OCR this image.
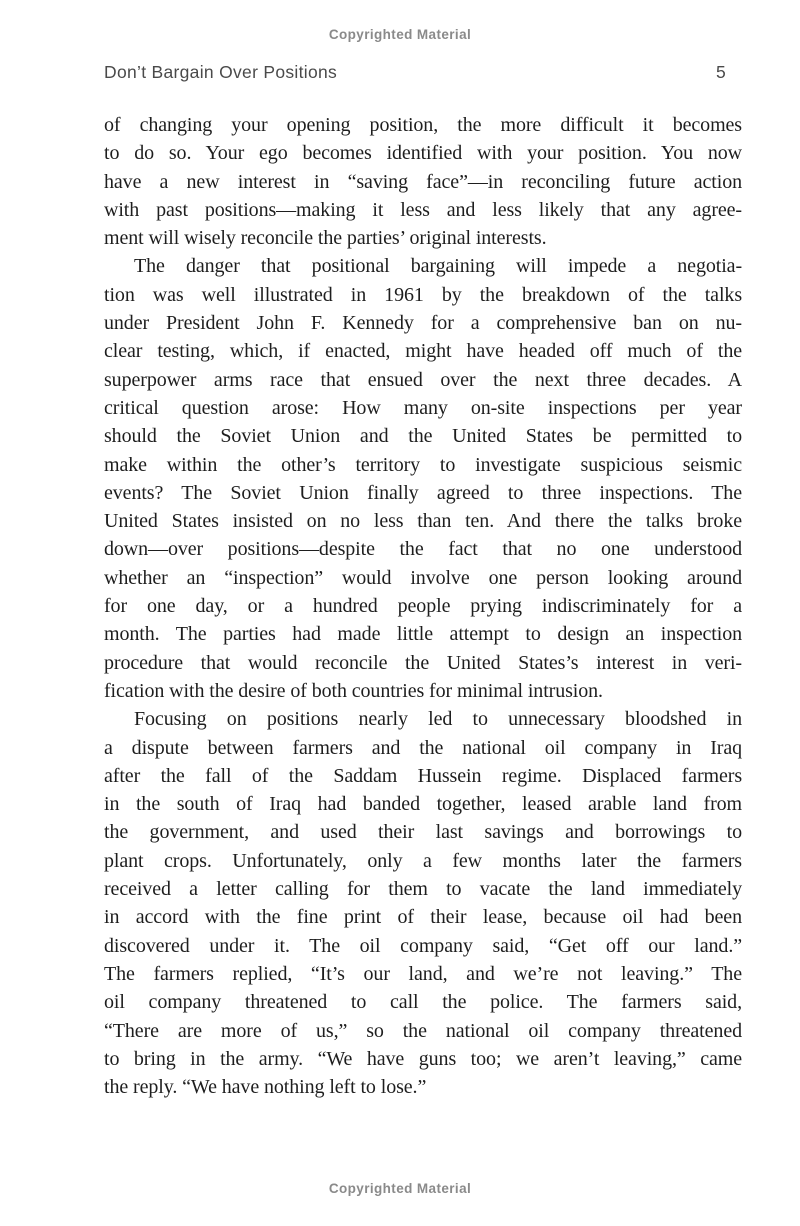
Copyrighted Material
Don’t Bargain Over Positions	5
of changing your opening position, the more difficult it becomes
to do so. Your ego becomes identified with your position. You now
have a new interest in “saving face”—in reconciling future action
with past positions—making it less and less likely that any agree-
ment will wisely reconcile the parties’ original interests.
The danger that positional bargaining will impede a negotia-
tion was well illustrated in 1961 by the breakdown of the talks
under President John F. Kennedy for a comprehensive ban on nu-
clear testing, which, if enacted, might have headed off much of the
superpower arms race that ensued over the next three decades. A
critical question arose: How many on-site inspections per year
should the Soviet Union and the United States be permitted to
make within the other’s territory to investigate suspicious seismic
events? The Soviet Union finally agreed to three inspections. The
United States insisted on no less than ten. And there the talks broke
down—over positions—despite the fact that no one understood
whether an “inspection” would involve one person looking around
for one day, or a hundred people prying indiscriminately for a
month. The parties had made little attempt to design an inspection
procedure that would reconcile the United States’s interest in veri-
fication with the desire of both countries for minimal intrusion.
Focusing on positions nearly led to unnecessary bloodshed in
a dispute between farmers and the national oil company in Iraq
after the fall of the Saddam Hussein regime. Displaced farmers
in the south of Iraq had banded together, leased arable land from
the government, and used their last savings and borrowings to
plant crops. Unfortunately, only a few months later the farmers
received a letter calling for them to vacate the land immediately
in accord with the fine print of their lease, because oil had been
discovered under it. The oil company said, “Get off our land.”
The farmers replied, “It’s our land, and we’re not leaving.” The
oil company threatened to call the police. The farmers said,
“There are more of us,” so the national oil company threatened
to bring in the army. “We have guns too; we aren’t leaving,” came
the reply. “We have nothing left to lose.”
Copyrighted Material
